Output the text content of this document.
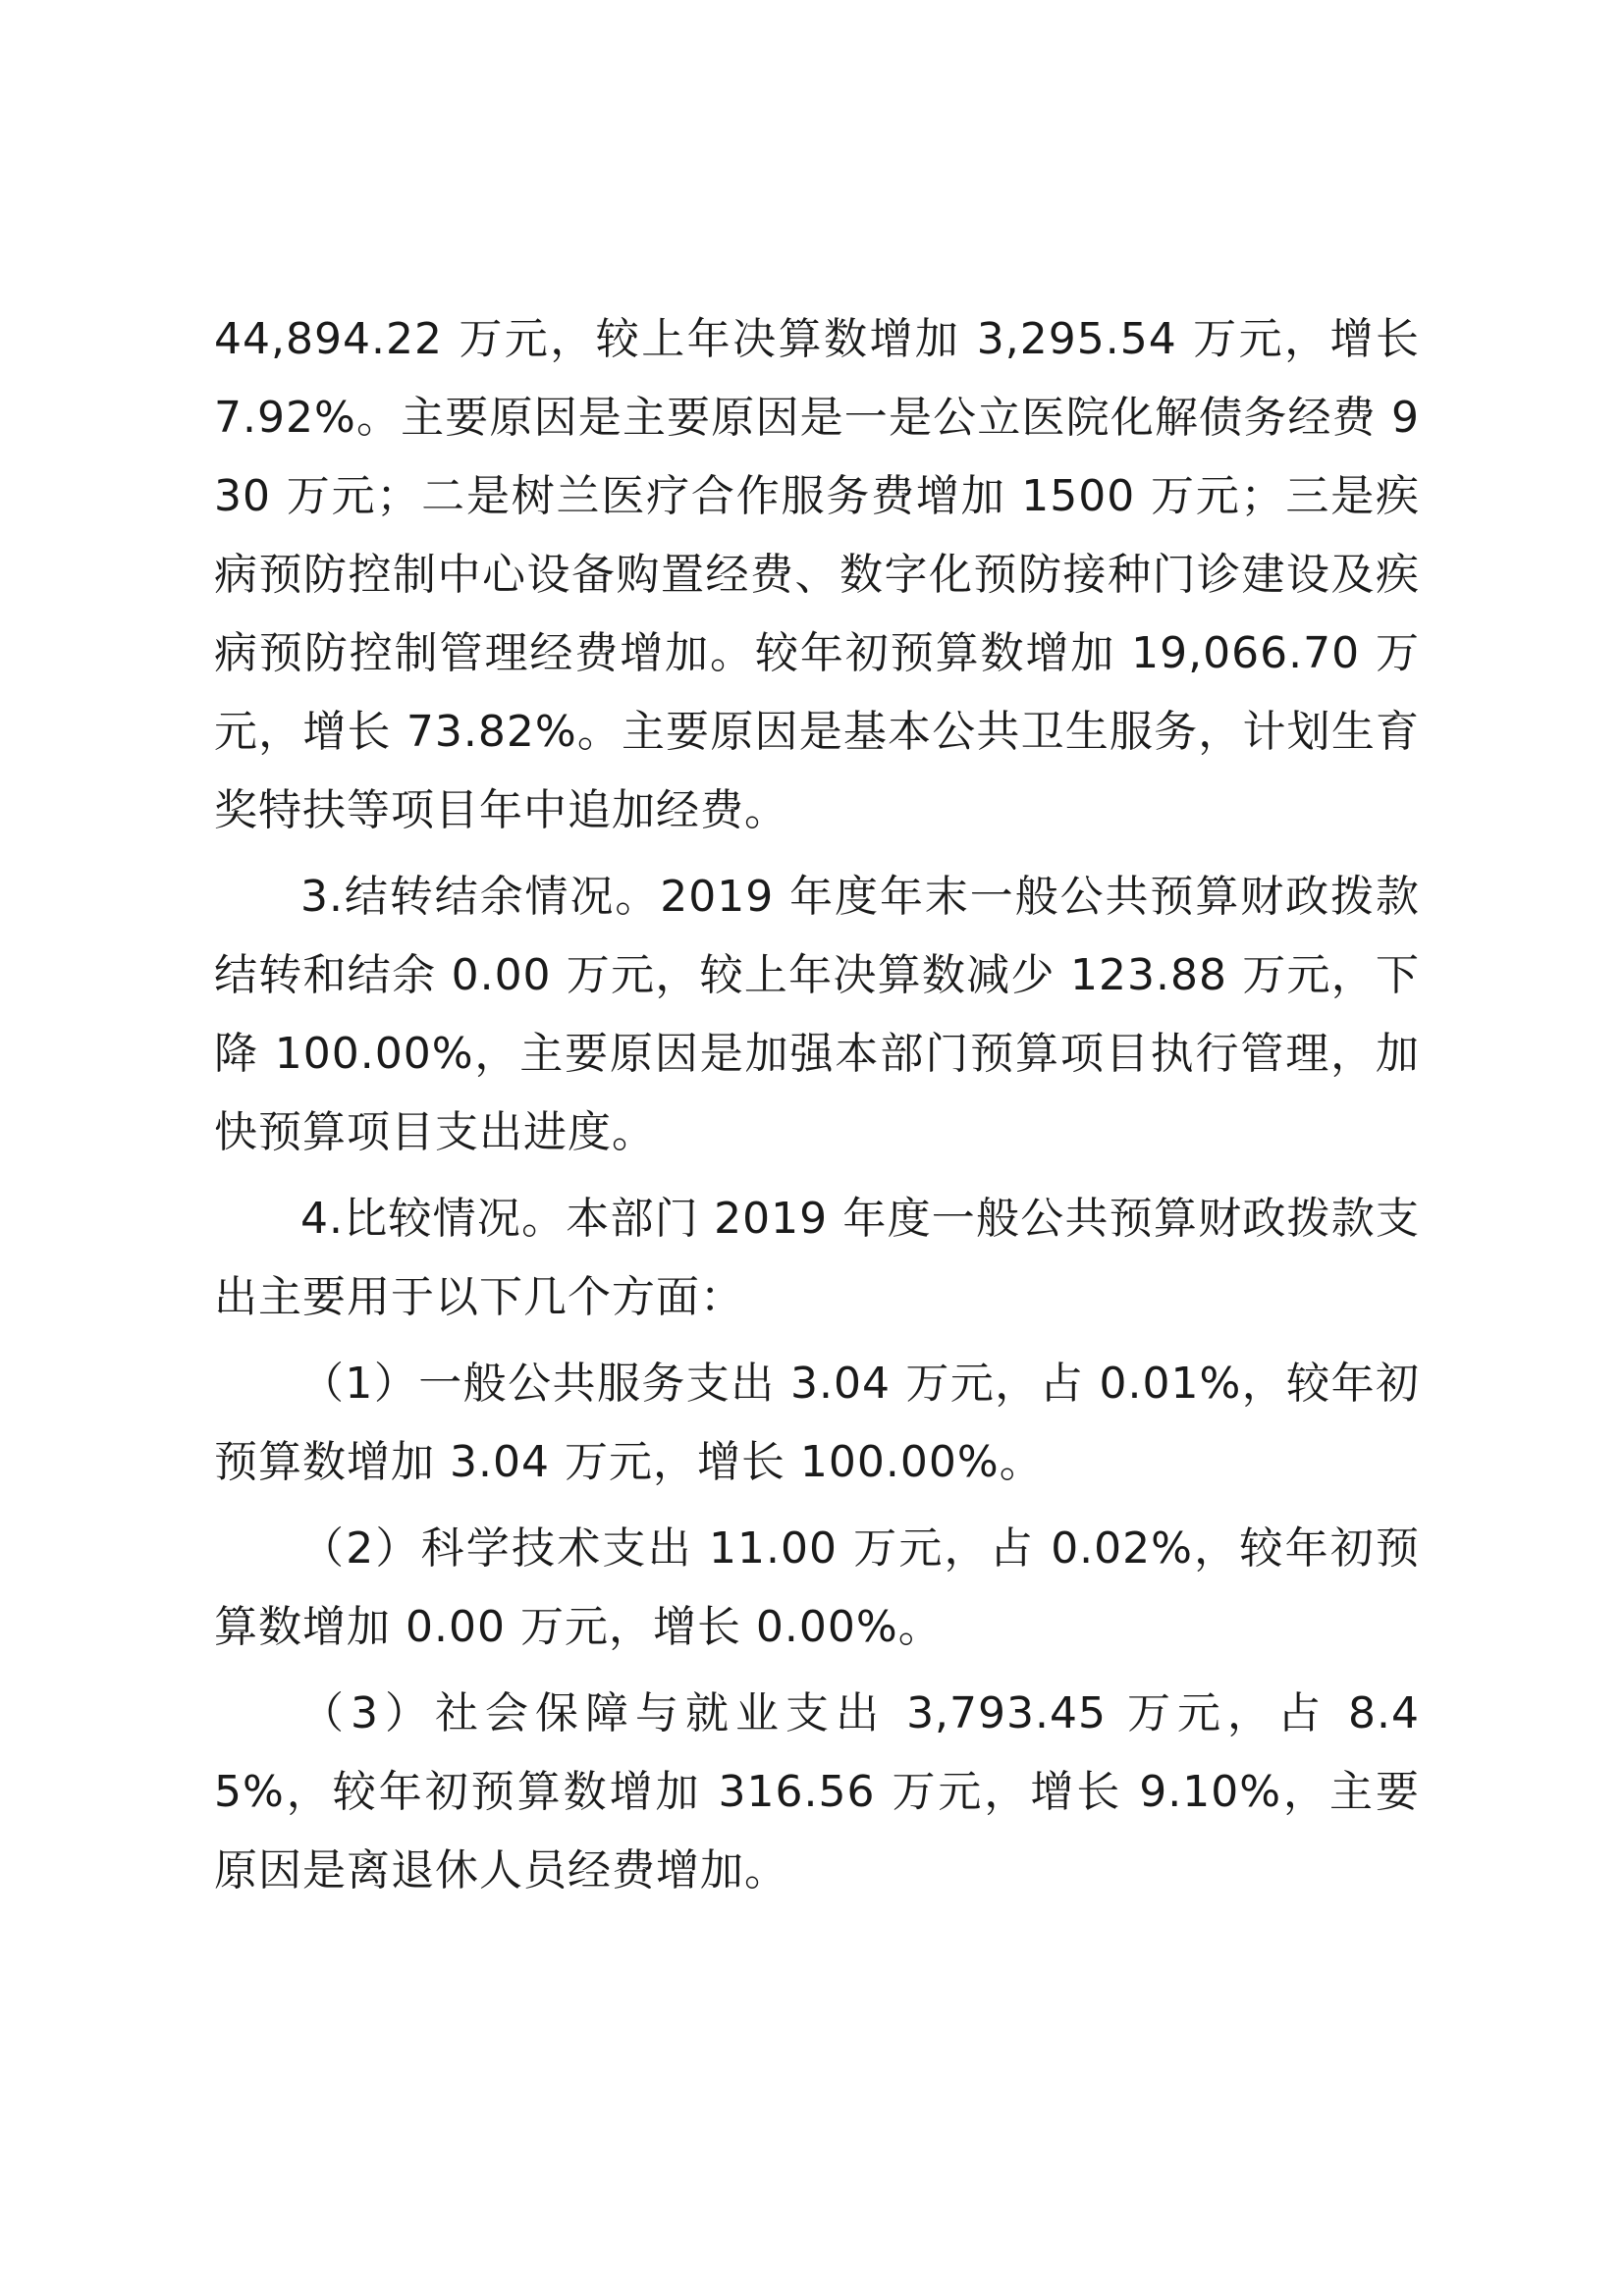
44,894.22 万元，较上年决算数增加 3,295.54 万元，增长 7.92%。主要原因是主要原因是一是公立医院化解债务经费 930 万元；二是树兰医疗合作服务费增加 1500 万元；三是疾病预防控制中心设备购置经费、数字化预防接种门诊建设及疾病预防控制管理经费增加。较年初预算数增加 19,066.70 万元，增长 73.82%。主要原因是基本公共卫生服务，计划生育奖特扶等项目年中追加经费。

3.结转结余情况。2019 年度年末一般公共预算财政拨款结转和结余 0.00 万元，较上年决算数减少 123.88 万元，下降 100.00%，主要原因是加强本部门预算项目执行管理，加快预算项目支出进度。

4.比较情况。本部门 2019 年度一般公共预算财政拨款支出主要用于以下几个方面：

（1）一般公共服务支出 3.04 万元，占 0.01%，较年初预算数增加 3.04 万元，增长 100.00%。

（2）科学技术支出 11.00 万元，占 0.02%，较年初预算数增加 0.00 万元，增长 0.00%。

（3）社会保障与就业支出 3,793.45 万元，占 8.45%，较年初预算数增加 316.56 万元，增长 9.10%，主要原因是离退休人员经费增加。
